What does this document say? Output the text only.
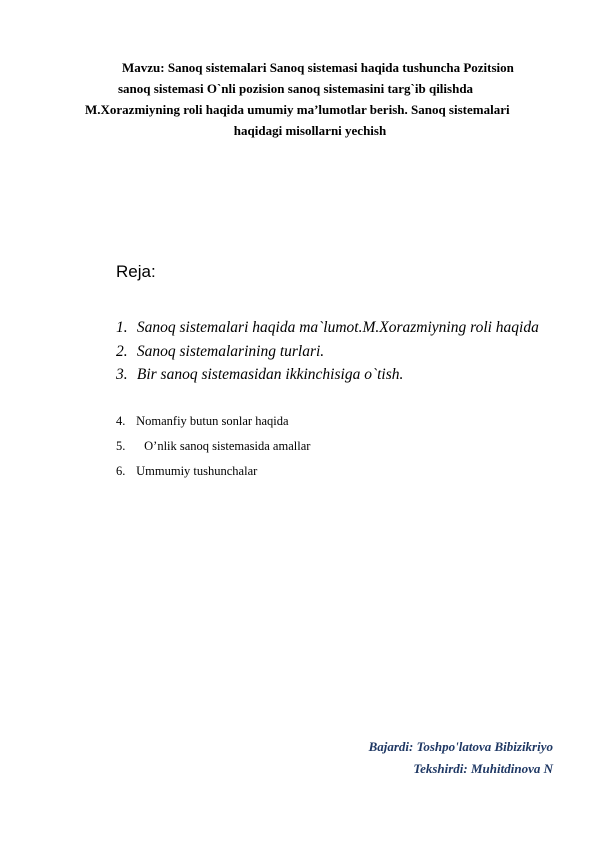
Mavzu: Sanoq sistemalari Sanoq sistemasi haqida tushuncha Pozitsion
sanoq sistemasi O`nli pozision sanoq sistemasini targ`ib qilishda
M.Xorazmiyning roli haqida umumiy ma’lumotlar berish. Sanoq sistemalari
haqidagi misollarni yechish
Reja:
1. Sanoq sistemalari haqida ma`lumot.M.Xorazmiyning roli haqida
2. Sanoq sistemalarining turlari.
3. Bir sanoq sistemasidan ikkinchisiga o`tish.
4. Nomanfiy butun sonlar haqida
5. O’nlik sanoq sistemasida amallar
6. Ummumiy tushunchalar
Bajardi: Toshpo'latova Bibizikriyo
Tekshirdi: Muhitdinova N
